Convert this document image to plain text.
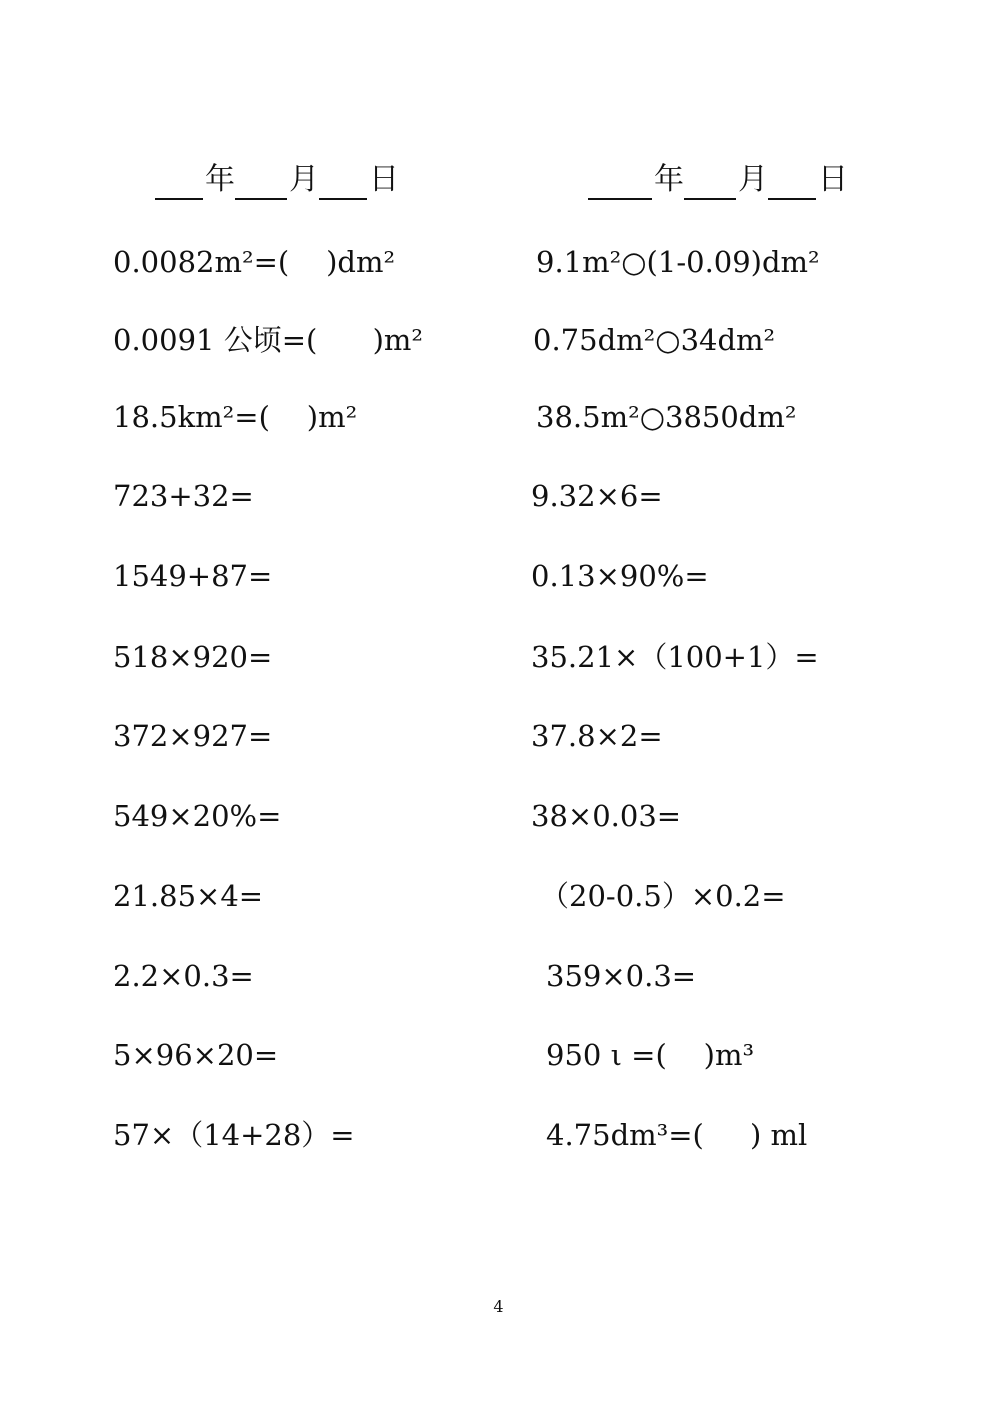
年 月 日	年 月 日
0.0082m²=(    )dm²
0.0091 公顷=(      )m²
18.5km²=(    )m²
723+32=
1549+87=
518×920=
372×927=
549×20%=
21.85×4=
2.2×0.3=
5×96×20=
57×（14+28）=
9.1m²○(1-0.09)dm²
0.75dm²○34dm²
38.5m²○3850dm²
9.32×6=
0.13×90%=
35.21×（100+1）=
37.8×2=
38×0.03=
（20-0.5）×0.2=
359×0.3=
950 ι =(    )m³
4.75dm³=(     ) ml
4
